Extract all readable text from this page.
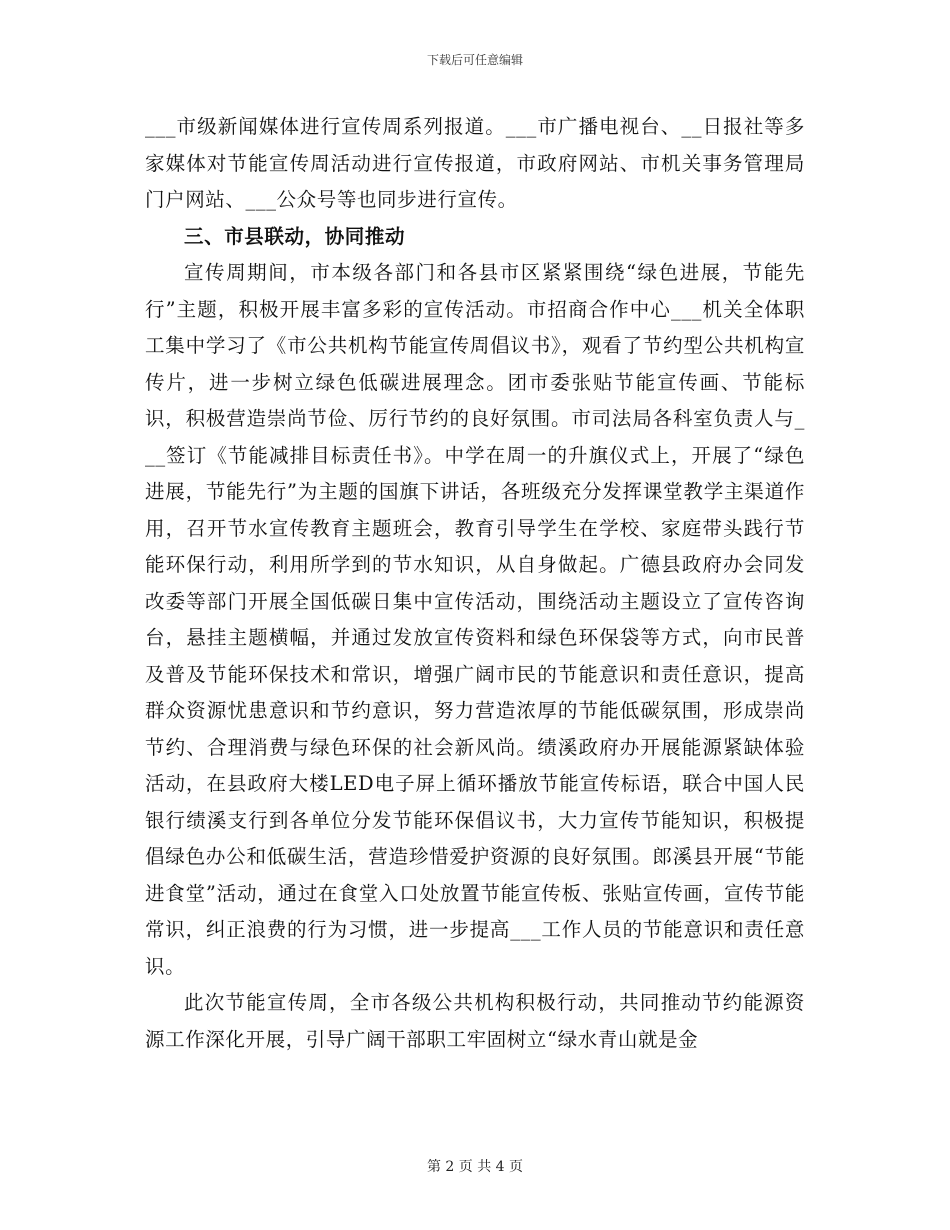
下载后可任意编辑

___市级新闻媒体进行宣传周系列报道。___市广播电视台、__日报社等多家媒体对节能宣传周活动进行宣传报道，市政府网站、市机关事务管理局门户网站、___公众号等也同步进行宣传。

三、市县联动，协同推动

宣传周期间，市本级各部门和各县市区紧紧围绕“绿色进展，节能先行”主题，积极开展丰富多彩的宣传活动。市招商合作中心___机关全体职工集中学习了《市公共机构节能宣传周倡议书》，观看了节约型公共机构宣传片，进一步树立绿色低碳进展理念。团市委张贴节能宣传画、节能标识，积极营造崇尚节俭、厉行节约的良好氛围。市司法局各科室负责人与___签订《节能减排目标责任书》。中学在周一的升旗仪式上，开展了“绿色进展，节能先行”为主题的国旗下讲话，各班级充分发挥课堂教学主渠道作用，召开节水宣传教育主题班会，教育引导学生在学校、家庭带头践行节能环保行动，利用所学到的节水知识，从自身做起。广德县政府办会同发改委等部门开展全国低碳日集中宣传活动，围绕活动主题设立了宣传咨询台，悬挂主题横幅，并通过发放宣传资料和绿色环保袋等方式，向市民普及普及节能环保技术和常识，增强广阔市民的节能意识和责任意识，提高群众资源忧患意识和节约意识，努力营造浓厚的节能低碳氛围，形成崇尚节约、合理消费与绿色环保的社会新风尚。绩溪政府办开展能源紧缺体验活动，在县政府大楼LED电子屏上循环播放节能宣传标语，联合中国人民银行绩溪支行到各单位分发节能环保倡议书，大力宣传节能知识，积极提倡绿色办公和低碳生活，营造珍惜爱护资源的良好氛围。郎溪县开展“节能进食堂”活动，通过在食堂入口处放置节能宣传板、张贴宣传画，宣传节能常识，纠正浪费的行为习惯，进一步提高___工作人员的节能意识和责任意识。

此次节能宣传周，全市各级公共机构积极行动，共同推动节约能源资源工作深化开展，引导广阔干部职工牢固树立“绿水青山就是金

第 2 页 共 4 页
